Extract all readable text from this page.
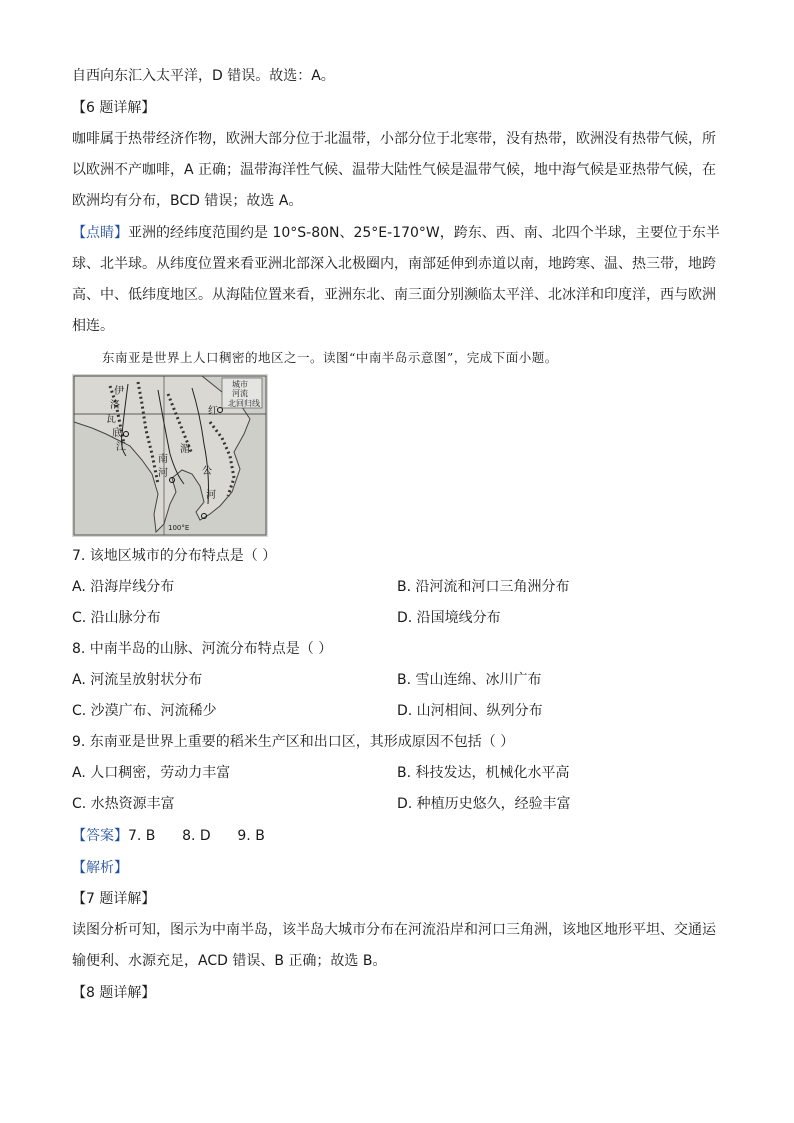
自西向东汇入太平洋，D 错误。故选：A。
【6 题详解】
咖啡属于热带经济作物，欧洲大部分位于北温带，小部分位于北寒带，没有热带，欧洲没有热带气候，所
以欧洲不产咖啡，A 正确；温带海洋性气候、温带大陆性气候是温带气候，地中海气候是亚热带气候，在
欧洲均有分布，BCD 错误；故选 A。
【点睛】亚洲的经纬度范围约是 10°S-80N、25°E-170°W，跨东、西、南、北四个半球，主要位于东半
球、北半球。从纬度位置来看亚洲北部深入北极圈内，南部延伸到赤道以南，地跨寒、温、热三带，地跨
高、中、低纬度地区。从海陆位置来看，亚洲东北、南三面分别濒临太平洋、北冰洋和印度洋，西与欧洲
相连。
东南亚是世界上人口稠密的地区之一。读图“中南半岛示意图”，完成下面小题。
城市
河流
北回归线
伊
洛
瓦
底
江	湄
南
河	公
红
河
100°E
7. 该地区城市的分布特点是（ ）
A. 沿海岸线分布	B. 沿河流和河口三角洲分布
C. 沿山脉分布	D. 沿国境线分布
8. 中南半岛的山脉、河流分布特点是（ ）
A. 河流呈放射状分布	B. 雪山连绵、冰川广布
C. 沙漠广布、河流稀少	D. 山河相间、纵列分布
9. 东南亚是世界上重要的稻米生产区和出口区，其形成原因不包括（ ）
A. 人口稠密，劳动力丰富	B. 科技发达，机械化水平高
C. 水热资源丰富	D. 种植历史悠久，经验丰富
【答案】7. B      8. D      9. B
【解析】
【7 题详解】
读图分析可知，图示为中南半岛，该半岛大城市分布在河流沿岸和河口三角洲，该地区地形平坦、交通运
输便利、水源充足，ACD 错误、B 正确；故选 B。
【8 题详解】
